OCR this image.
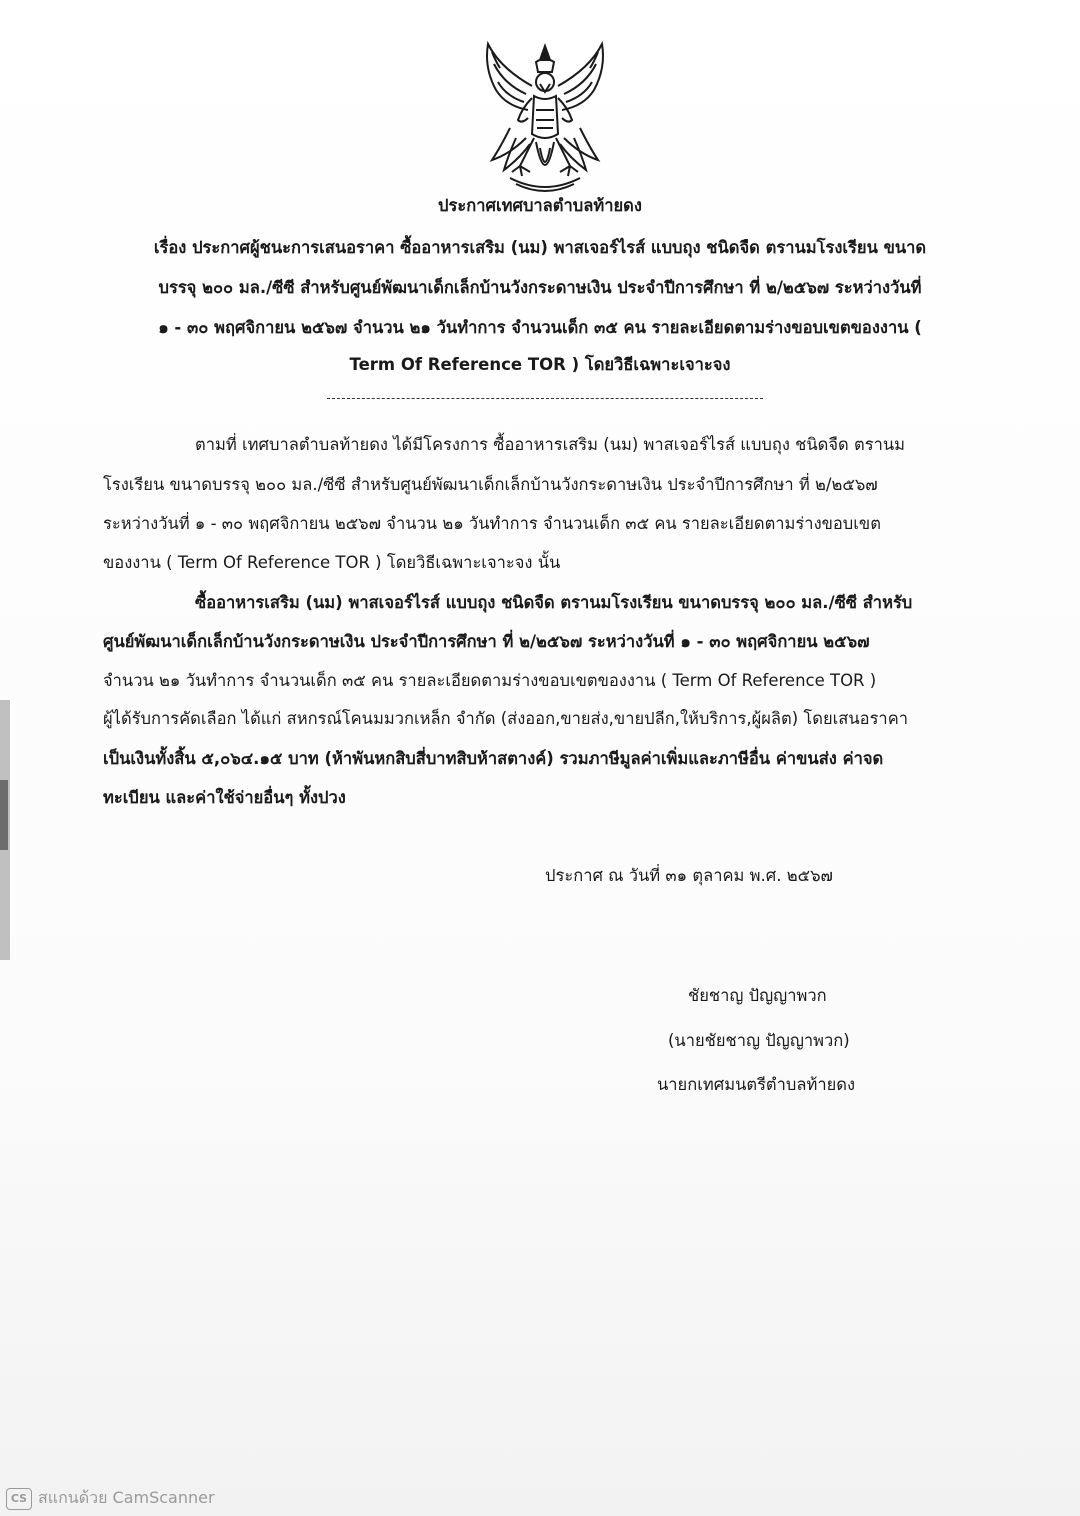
ประกาศเทศบาลตำบลท้ายดง
เรื่อง ประกาศผู้ชนะการเสนอราคา ซื้ออาหารเสริม (นม) พาสเจอร์ไรส์ แบบถุง ชนิดจืด ตรานมโรงเรียน ขนาด
บรรจุ ๒๐๐ มล./ซีซี สำหรับศูนย์พัฒนาเด็กเล็กบ้านวังกระดาษเงิน ประจำปีการศึกษา ที่ ๒/๒๕๖๗ ระหว่างวันที่
๑ - ๓๐ พฤศจิกายน ๒๕๖๗ จำนวน ๒๑ วันทำการ จำนวนเด็ก ๓๕ คน รายละเอียดตามร่างขอบเขตของงาน (
Term Of Reference TOR ) โดยวิธีเฉพาะเจาะจง
ตามที่ เทศบาลตำบลท้ายดง ได้มีโครงการ ซื้ออาหารเสริม (นม) พาสเจอร์ไรส์ แบบถุง ชนิดจืด ตรานม
โรงเรียน ขนาดบรรจุ ๒๐๐ มล./ซีซี สำหรับศูนย์พัฒนาเด็กเล็กบ้านวังกระดาษเงิน ประจำปีการศึกษา ที่ ๒/๒๕๖๗
ระหว่างวันที่ ๑ - ๓๐ พฤศจิกายน ๒๕๖๗ จำนวน ๒๑ วันทำการ จำนวนเด็ก ๓๕ คน รายละเอียดตามร่างขอบเขต
ของงาน ( Term Of Reference TOR ) โดยวิธีเฉพาะเจาะจง นั้น
ซื้ออาหารเสริม (นม) พาสเจอร์ไรส์ แบบถุง ชนิดจืด ตรานมโรงเรียน ขนาดบรรจุ ๒๐๐ มล./ซีซี สำหรับ
ศูนย์พัฒนาเด็กเล็กบ้านวังกระดาษเงิน ประจำปีการศึกษา ที่ ๒/๒๕๖๗ ระหว่างวันที่ ๑ - ๓๐ พฤศจิกายน ๒๕๖๗
จำนวน ๒๑ วันทำการ จำนวนเด็ก ๓๕ คน รายละเอียดตามร่างขอบเขตของงาน ( Term Of Reference TOR )
ผู้ได้รับการคัดเลือก ได้แก่ สหกรณ์โคนมมวกเหล็ก จำกัด (ส่งออก,ขายส่ง,ขายปลีก,ให้บริการ,ผู้ผลิต) โดยเสนอราคา
เป็นเงินทั้งสิ้น ๕,๐๖๔.๑๕ บาท (ห้าพันหกสิบสี่บาทสิบห้าสตางค์) รวมภาษีมูลค่าเพิ่มและภาษีอื่น ค่าขนส่ง ค่าจด
ทะเบียน และค่าใช้จ่ายอื่นๆ ทั้งปวง
ประกาศ ณ วันที่ ๓๑ ตุลาคม พ.ศ. ๒๕๖๗
ชัยชาญ ปัญญาพวก
(นายชัยชาญ ปัญญาพวก)
นายกเทศมนตรีตำบลท้ายดง
CS สแกนด้วย CamScanner
